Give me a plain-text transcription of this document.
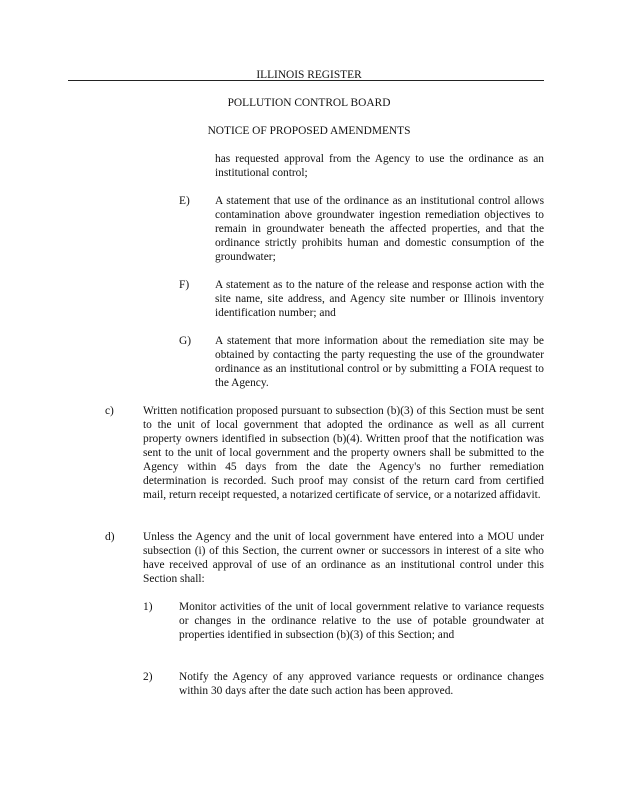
ILLINOIS REGISTER
POLLUTION CONTROL BOARD
NOTICE OF PROPOSED AMENDMENTS
has requested approval from the Agency to use the ordinance as an institutional control;
E) A statement that use of the ordinance as an institutional control allows contamination above groundwater ingestion remediation objectives to remain in groundwater beneath the affected properties, and that the ordinance strictly prohibits human and domestic consumption of the groundwater;
F) A statement as to the nature of the release and response action with the site name, site address, and Agency site number or Illinois inventory identification number; and
G) A statement that more information about the remediation site may be obtained by contacting the party requesting the use of the groundwater ordinance as an institutional control or by submitting a FOIA request to the Agency.
c)	Written notification proposed pursuant to subsection (b)(3) of this Section must be sent to the unit of local government that adopted the ordinance as well as all current property owners identified in subsection (b)(4). Written proof that the notification was sent to the unit of local government and the property owners shall be submitted to the Agency within 45 days from the date the Agency's no further remediation determination is recorded. Such proof may consist of the return card from certified mail, return receipt requested, a notarized certificate of service, or a notarized affidavit.
d)	Unless the Agency and the unit of local government have entered into a MOU under subsection (i) of this Section, the current owner or successors in interest of a site who have received approval of use of an ordinance as an institutional control under this Section shall:
1) Monitor activities of the unit of local government relative to variance requests or changes in the ordinance relative to the use of potable groundwater at properties identified in subsection (b)(3) of this Section; and
2) Notify the Agency of any approved variance requests or ordinance changes within 30 days after the date such action has been approved.
